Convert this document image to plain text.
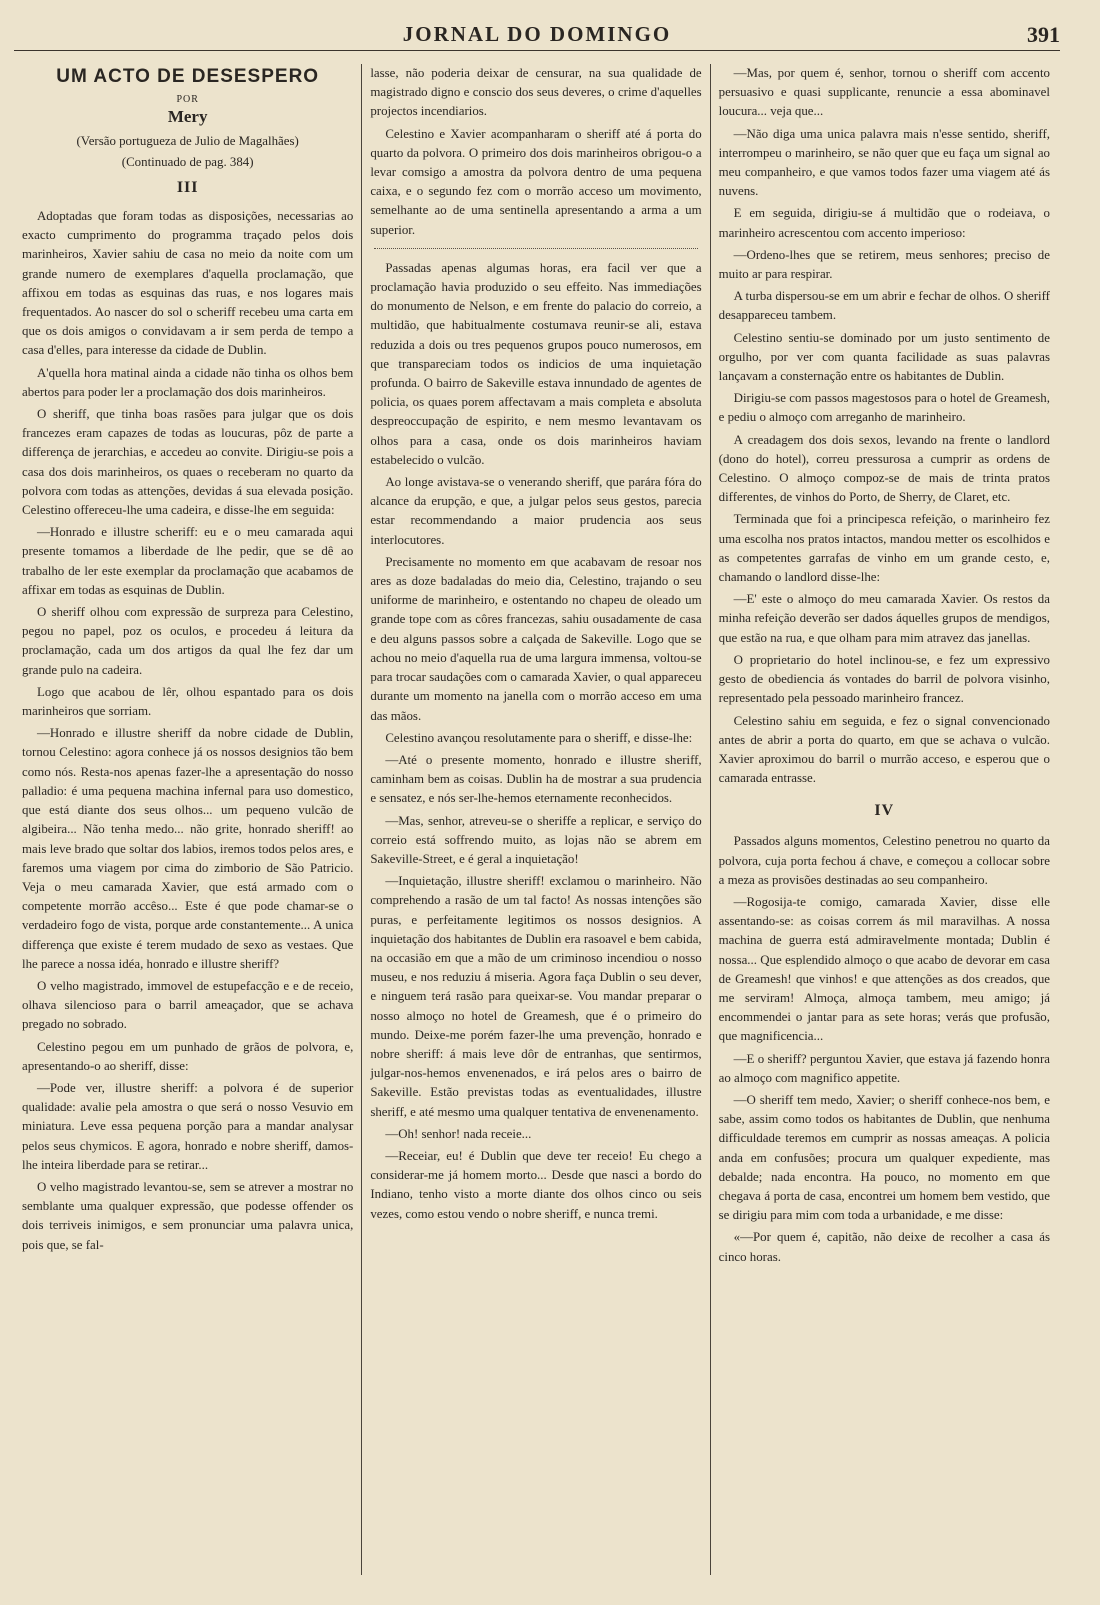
JORNAL DO DOMINGO	391
UM ACTO DE DESESPERO
POR
Mery
(Versão portugueza de Julio de Magalhães)
(Continuado de pag. 384)
III

Adoptadas que foram todas as disposições, necessarias ao exacto cumprimento do programma traçado pelos dois marinheiros, Xavier sahiu de casa no meio da noite com um grande numero de exemplares d'aquella proclamação, que affixou em todas as esquinas das ruas, e nos logares mais frequentados. Ao nascer do sol o scheriff recebeu uma carta em que os dois amigos o convidavam a ir sem perda de tempo a casa d'elles, para interesse da cidade de Dublin.

A'quella hora matinal ainda a cidade não tinha os olhos bem abertos para poder ler a proclamação dos dois marinheiros.

O sheriff, que tinha boas rasões para julgar que os dois francezes eram capazes de todas as loucuras, pôz de parte a differença de jerarchias, e accedeu ao convite. Dirigiu-se pois a casa dos dois marinheiros, os quaes o receberam no quarto da polvora com todas as attenções, devidas á sua elevada posição. Celestino offereceu-lhe uma cadeira, e disse-lhe em seguida:

—Honrado e illustre scheriff: eu e o meu camarada aqui presente tomamos a liberdade de lhe pedir, que se dê ao trabalho de ler este exemplar da proclamação que acabamos de affixar em todas as esquinas de Dublin.

O sheriff olhou com expressão de surpreza para Celestino, pegou no papel, poz os oculos, e procedeu á leitura da proclamação, cada um dos artigos da qual lhe fez dar um grande pulo na cadeira.

Logo que acabou de lêr, olhou espantado para os dois marinheiros que sorriam.

—Honrado e illustre sheriff da nobre cidade de Dublin, tornou Celestino: agora conhece já os nossos designios tão bem como nós. Resta-nos apenas fazer-lhe a apresentação do nosso palladio: é uma pequena machina infernal para uso domestico, que está diante dos seus olhos... um pequeno vulcão de algibeira... Não tenha medo... não grite, honrado sheriff! ao mais leve brado que soltar dos labios, iremos todos pelos ares, e faremos uma viagem por cima do zimborio de São Patricio. Veja o meu camarada Xavier, que está armado com o competente morrão accêso... Este é que pode chamar-se o verdadeiro fogo de vista, porque arde constantemente... A unica differença que existe é terem mudado de sexo as vestaes. Que lhe parece a nossa idéa, honrado e illustre sheriff?

O velho magistrado, immovel de estupefacção e e de receio, olhava silencioso para o barril ameaçador, que se achava pregado no sobrado.

Celestino pegou em um punhado de grãos de polvora, e, apresentando-o ao sheriff, disse:

—Pode ver, illustre sheriff: a polvora é de superior qualidade: avalie pela amostra o que será o nosso Vesuvio em miniatura. Leve essa pequena porção para a mandar analysar pelos seus chymicos. E agora, honrado e nobre sheriff, damos-lhe inteira liberdade para se retirar...

O velho magistrado levantou-se, sem se atrever a mostrar no semblante uma qualquer expressão, que podesse offender os dois terriveis inimigos, e sem pronunciar uma palavra unica, pois que, se fal-

lasse, não poderia deixar de censurar, na sua qualidade de magistrado digno e conscio dos seus deveres, o crime d'aquelles projectos incendiarios.

Celestino e Xavier acompanharam o sheriff até á porta do quarto da polvora. O primeiro dos dois marinheiros obrigou-o a levar comsigo a amostra da polvora dentro de uma pequena caixa, e o segundo fez com o morrão acceso um movimento, semelhante ao de uma sentinella apresentando a arma a um superior.

Passadas apenas algumas horas, era facil ver que a proclamação havia produzido o seu effeito. Nas immediações do monumento de Nelson, e em frente do palacio do correio, a multidão, que habitualmente costumava reunir-se ali, estava reduzida a dois ou tres pequenos grupos pouco numerosos, em que transpareciam todos os indicios de uma inquietação profunda. O bairro de Sakeville estava innundado de agentes de policia, os quaes porem affectavam a mais completa e absoluta despreoccupação de espirito, e nem mesmo levantavam os olhos para a casa, onde os dois marinheiros haviam estabelecido o vulcão.

Ao longe avistava-se o venerando sheriff, que parára fóra do alcance da erupção, e que, a julgar pelos seus gestos, parecia estar recommendando a maior prudencia aos seus interlocutores.

Precisamente no momento em que acabavam de resoar nos ares as doze badaladas do meio dia, Celestino, trajando o seu uniforme de marinheiro, e ostentando no chapeu de oleado um grande tope com as côres francezas, sahiu ousadamente de casa e deu alguns passos sobre a calçada de Sakeville. Logo que se achou no meio d'aquella rua de uma largura immensa, voltou-se para trocar saudações com o camarada Xavier, o qual appareceu durante um momento na janella com o morrão acceso em uma das mãos.

Celestino avançou resolutamente para o sheriff, e disse-lhe:

—Até o presente momento, honrado e illustre sheriff, caminham bem as coisas. Dublin ha de mostrar a sua prudencia e sensatez, e nós ser-lhe-hemos eternamente reconhecidos.

—Mas, senhor, atreveu-se o sheriffe a replicar, e serviço do correio está soffrendo muito, as lojas não se abrem em Sakeville-Street, e é geral a inquietação!

—Inquietação, illustre sheriff! exclamou o marinheiro. Não comprehendo a rasão de um tal facto! As nossas intenções são puras, e perfeitamente legitimos os nossos designios. A inquietação dos habitantes de Dublin era rasoavel e bem cabida, na occasião em que a mão de um criminoso incendiou o nosso museu, e nos reduziu á miseria. Agora faça Dublin o seu dever, e ninguem terá rasão para queixar-se. Vou mandar preparar o nosso almoço no hotel de Greamesh, que é o primeiro do mundo. Deixe-me porém fazer-lhe uma prevenção, honrado e nobre sheriff: á mais leve dôr de entranhas, que sentirmos, julgar-nos-hemos envenenados, e irá pelos ares o bairro de Sakeville. Estão previstas todas as eventualidades, illustre sheriff, e até mesmo uma qualquer tentativa de envenenamento.

—Oh! senhor! nada receie...

—Receiar, eu! é Dublin que deve ter receio! Eu chego a considerar-me já homem morto... Desde que nasci a bordo do Indiano, tenho visto a morte diante dos olhos cinco ou seis vezes, como estou vendo o nobre sheriff, e nunca tremi.

—Mas, por quem é, senhor, tornou o sheriff com accento persuasivo e quasi supplicante, renuncie a essa abominavel loucura... veja que...

—Não diga uma unica palavra mais n'esse sentido, sheriff, interrompeu o marinheiro, se não quer que eu faça um signal ao meu companheiro, e que vamos todos fazer uma viagem até ás nuvens.

E em seguida, dirigiu-se á multidão que o rodeiava, o marinheiro acrescentou com accento imperioso:

—Ordeno-lhes que se retirem, meus senhores; preciso de muito ar para respirar.

A turba dispersou-se em um abrir e fechar de olhos. O sheriff desappareceu tambem.

Celestino sentiu-se dominado por um justo sentimento de orgulho, por ver com quanta facilidade as suas palavras lançavam a consternação entre os habitantes de Dublin.

Dirigiu-se com passos magestosos para o hotel de Greamesh, e pediu o almoço com arreganho de marinheiro.

A creadagem dos dois sexos, levando na frente o landlord (dono do hotel), correu pressurosa a cumprir as ordens de Celestino. O almoço compoz-se de mais de trinta pratos differentes, de vinhos do Porto, de Sherry, de Claret, etc.

Terminada que foi a principesca refeição, o marinheiro fez uma escolha nos pratos intactos, mandou metter os escolhidos e as competentes garrafas de vinho em um grande cesto, e, chamando o landlord disse-lhe:

—E' este o almoço do meu camarada Xavier. Os restos da minha refeição deverão ser dados áquelles grupos de mendigos, que estão na rua, e que olham para mim atravez das janellas.

O proprietario do hotel inclinou-se, e fez um expressivo gesto de obediencia ás vontades do barril de polvora visinho, representado pela pessoado marinheiro francez.

Celestino sahiu em seguida, e fez o signal convencionado antes de abrir a porta do quarto, em que se achava o vulcão. Xavier aproximou do barril o murrão acceso, e esperou que o camarada entrasse.

IV

Passados alguns momentos, Celestino penetrou no quarto da polvora, cuja porta fechou á chave, e começou a collocar sobre a meza as provisões destinadas ao seu companheiro.

—Rogosija-te comigo, camarada Xavier, disse elle assentando-se: as coisas correm ás mil maravilhas. A nossa machina de guerra está admiravelmente montada; Dublin é nossa... Que esplendido almoço o que acabo de devorar em casa de Greamesh! que vinhos! e que attenções as dos creados, que me serviram! Almoça, almoça tambem, meu amigo; já encommendei o jantar para as sete horas; verás que profusão, que magnificencia...

—E o sheriff? perguntou Xavier, que estava já fazendo honra ao almoço com magnifico appetite.

—O sheriff tem medo, Xavier; o sheriff conhece-nos bem, e sabe, assim como todos os habitantes de Dublin, que nenhuma difficuldade teremos em cumprir as nossas ameaças. A policia anda em confusões; procura um qualquer expediente, mas debalde; nada encontra. Ha pouco, no momento em que chegava á porta de casa, encontrei um homem bem vestido, que se dirigiu para mim com toda a urbanidade, e me disse:

«—Por quem é, capitão, não deixe de recolher a casa ás cinco horas.
